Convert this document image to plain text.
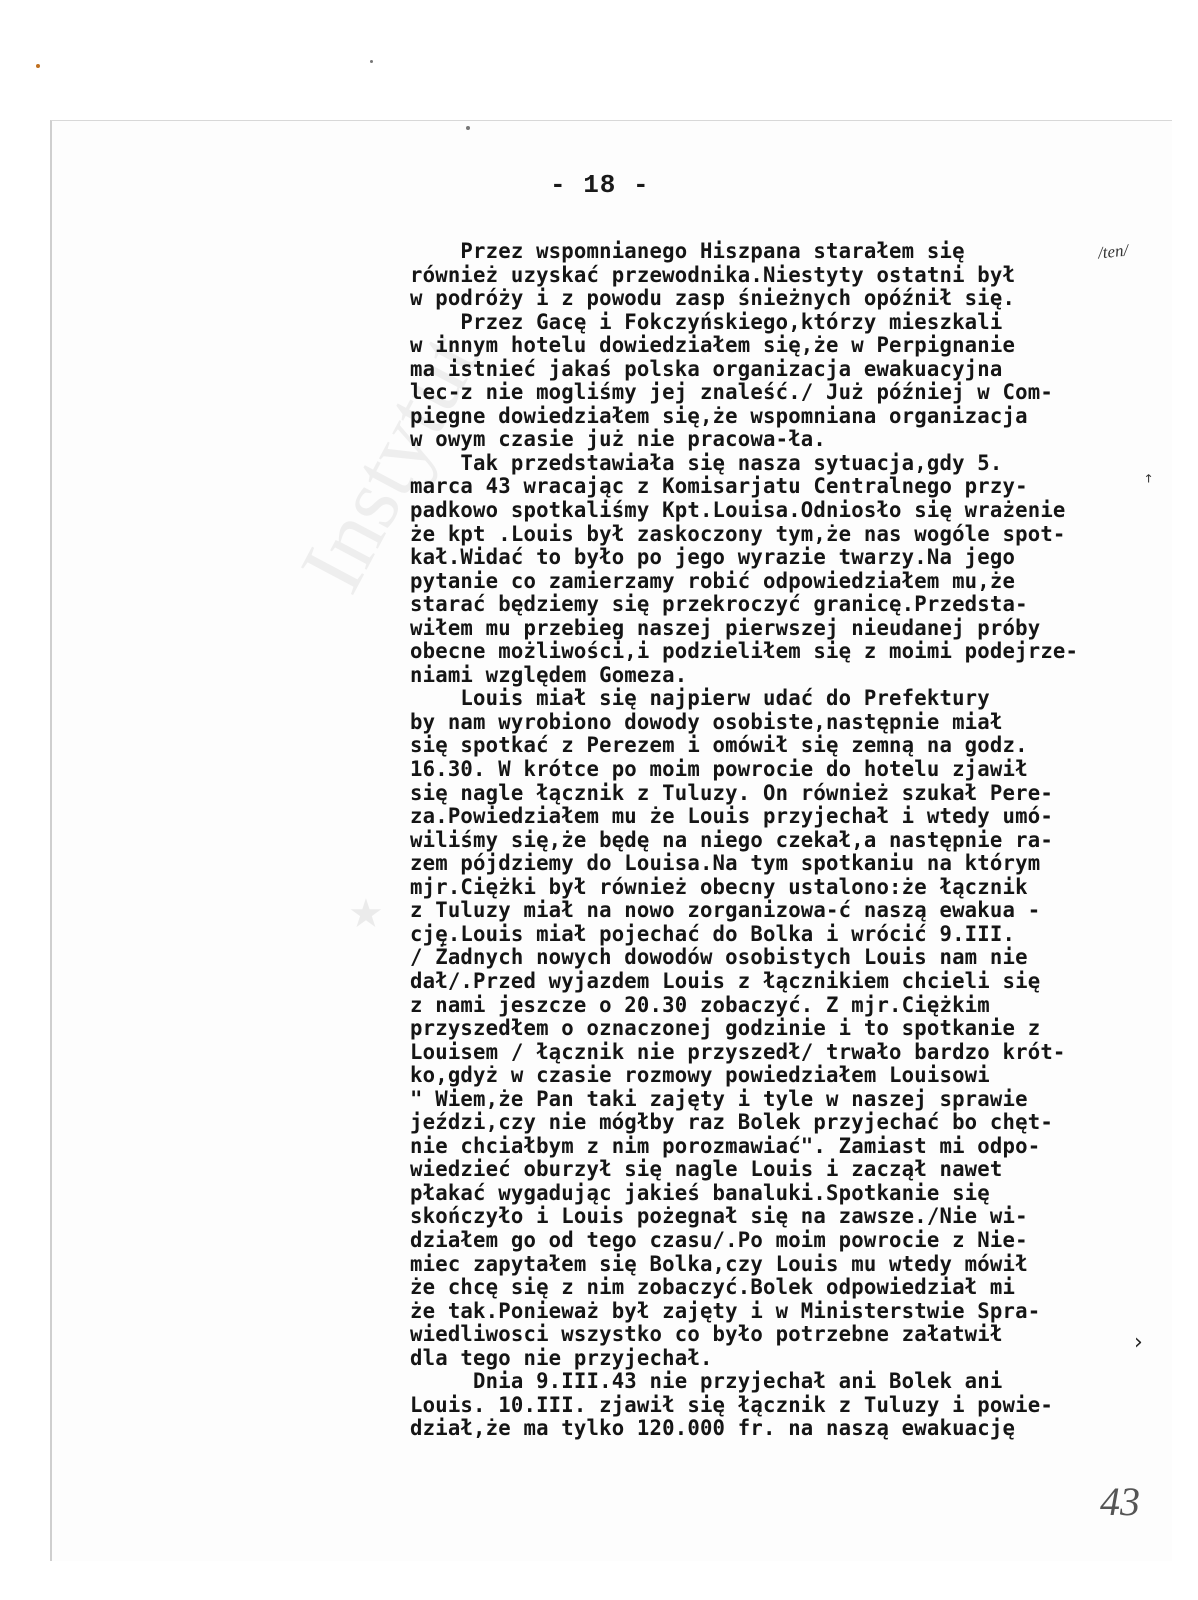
★
- 18 -
/ten/
ꜛ
›
Przez wspomnianego Hiszpana starałem się
również uzyskać przewodnika.Niestyty ostatni był
w podróży i z powodu zasp śnieżnych opóźnił się.
Przez Gacę i Fokczyńskiego,którzy mieszkali
w innym hotelu dowiedziałem się,że w Perpignanie
ma istnieć jakaś polska organizacja ewakuacyjna
lec-z nie mogliśmy jej znaleść./ Już później w Com-
piegne dowiedziałem się,że wspomniana organizacja
w owym czasie już nie pracowa-ła.
Tak przedstawiała się nasza sytuacja,gdy 5.
marca 43 wracając z Komisarjatu Centralnego przy-
padkowo spotkaliśmy Kpt.Louisa.Odniosło się wrażenie
że kpt .Louis był zaskoczony tym,że nas wogóle spot-
kał.Widać to było po jego wyrazie twarzy.Na jego
pytanie co zamierzamy robić odpowiedziałem mu,że
starać będziemy się przekroczyć granicę.Przedsta-
wiłem mu przebieg naszej pierwszej nieudanej próby
obecne możliwości,i podzieliłem się z moimi podejrze-
niami względem Gomeza.
Louis miał się najpierw udać do Prefektury
by nam wyrobiono dowody osobiste,następnie miał
się spotkać z Perezem i omówił się zemną na godz.
16.30. W krótce po moim powrocie do hotelu zjawił
się nagle łącznik z Tuluzy. On również szukał Pere-
za.Powiedziałem mu że Louis przyjechał i wtedy umó-
wiliśmy się,że będę na niego czekał,a następnie ra-
zem pójdziemy do Louisa.Na tym spotkaniu na którym
mjr.Ciężki był również obecny ustalono:że łącznik
z Tuluzy miał na nowo zorganizowa-ć naszą ewakua -
cję.Louis miał pojechać do Bolka i wrócić 9.III.
/ Żadnych nowych dowodów osobistych Louis nam nie
dał/.Przed wyjazdem Louis z łącznikiem chcieli się
z nami jeszcze o 20.30 zobaczyć. Z mjr.Ciężkim
przyszedłem o oznaczonej godzinie i to spotkanie z
Louisem / łącznik nie przyszedł/ trwało bardzo krót-
ko,gdyż w czasie rozmowy powiedziałem Louisowi
" Wiem,że Pan taki zajęty i tyle w naszej sprawie
jeździ,czy nie mógłby raz Bolek przyjechać bo chęt-
nie chciałbym z nim porozmawiać". Zamiast mi odpo-
wiedzieć oburzył się nagle Louis i zaczął nawet
płakać wygadując jakieś banaluki.Spotkanie się
skończyło i Louis pożegnał się na zawsze./Nie wi-
działem go od tego czasu/.Po moim powrocie z Nie-
miec zapytałem się Bolka,czy Louis mu wtedy mówił
że chcę się z nim zobaczyć.Bolek odpowiedział mi
że tak.Ponieważ był zajęty i w Ministerstwie Spra-
wiedliwosci wszystko co było potrzebne załatwił
dla tego nie przyjechał.
Dnia 9.III.43 nie przyjechał ani Bolek ani
Louis. 10.III. zjawił się łącznik z Tuluzy i powie-
dział,że ma tylko 120.000 fr. na naszą ewakuację
43
